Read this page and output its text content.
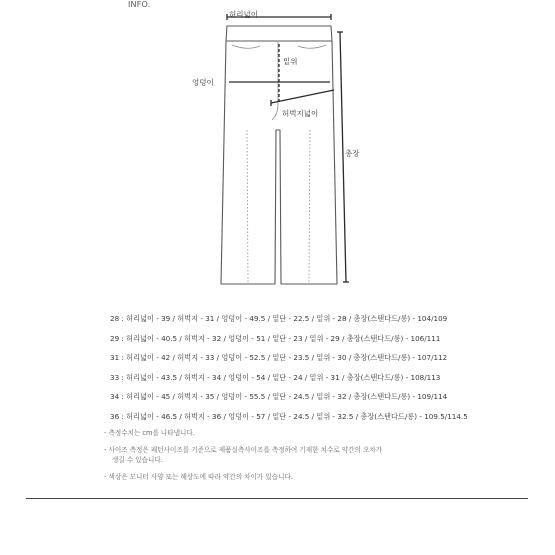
INFO.
허리넓이
밑위
엉덩이
허벅지넓이
총장
28 : 허리넓이 - 39 / 허벅지 - 31 / 엉덩이 - 49.5 / 밑단 - 22.5 / 밑위 - 28 / 총장(스탠다드/롱) - 104/109
29 : 허리넓이 - 40.5 / 허벅지 - 32 / 엉덩이 - 51 / 밑단 - 23 / 밑위 - 29 / 총장(스탠다드/롱) - 106/111
31 : 허리넓이 - 42 / 허벅지 - 33 / 엉덩이 - 52.5 / 밑단 - 23.5 / 밑위 - 30 / 총장(스탠다드/롱) - 107/112
33 : 허리넓이 - 43.5 / 허벅지 - 34 / 엉덩이 - 54 / 밑단 - 24 / 밑위 - 31 / 총장(스탠다드/롱) - 108/113
34 : 허리넓이 - 45 / 허벅지 - 35 / 엉덩이 - 55.5 / 밑단 - 24.5 / 밑위 - 32 / 총장(스탠다드/롱) - 109/114
36 : 허리넓이 - 46.5 / 허벅지 - 36 / 엉덩이 - 57 / 밑단 - 24.5 / 밑위 - 32.5 / 총장(스탠다드/롱) - 109.5/114.5
- 측정수치는 cm를 나타냅니다.
- 사이즈 측정은 패턴사이즈를 기준으로 제품실측사이즈를 측정하여 기재한 치수로 약간의 오차가
생길 수 있습니다.
- 색상은 모니터 사양 또는 해상도에 따라 약간의 차이가 있습니다.
